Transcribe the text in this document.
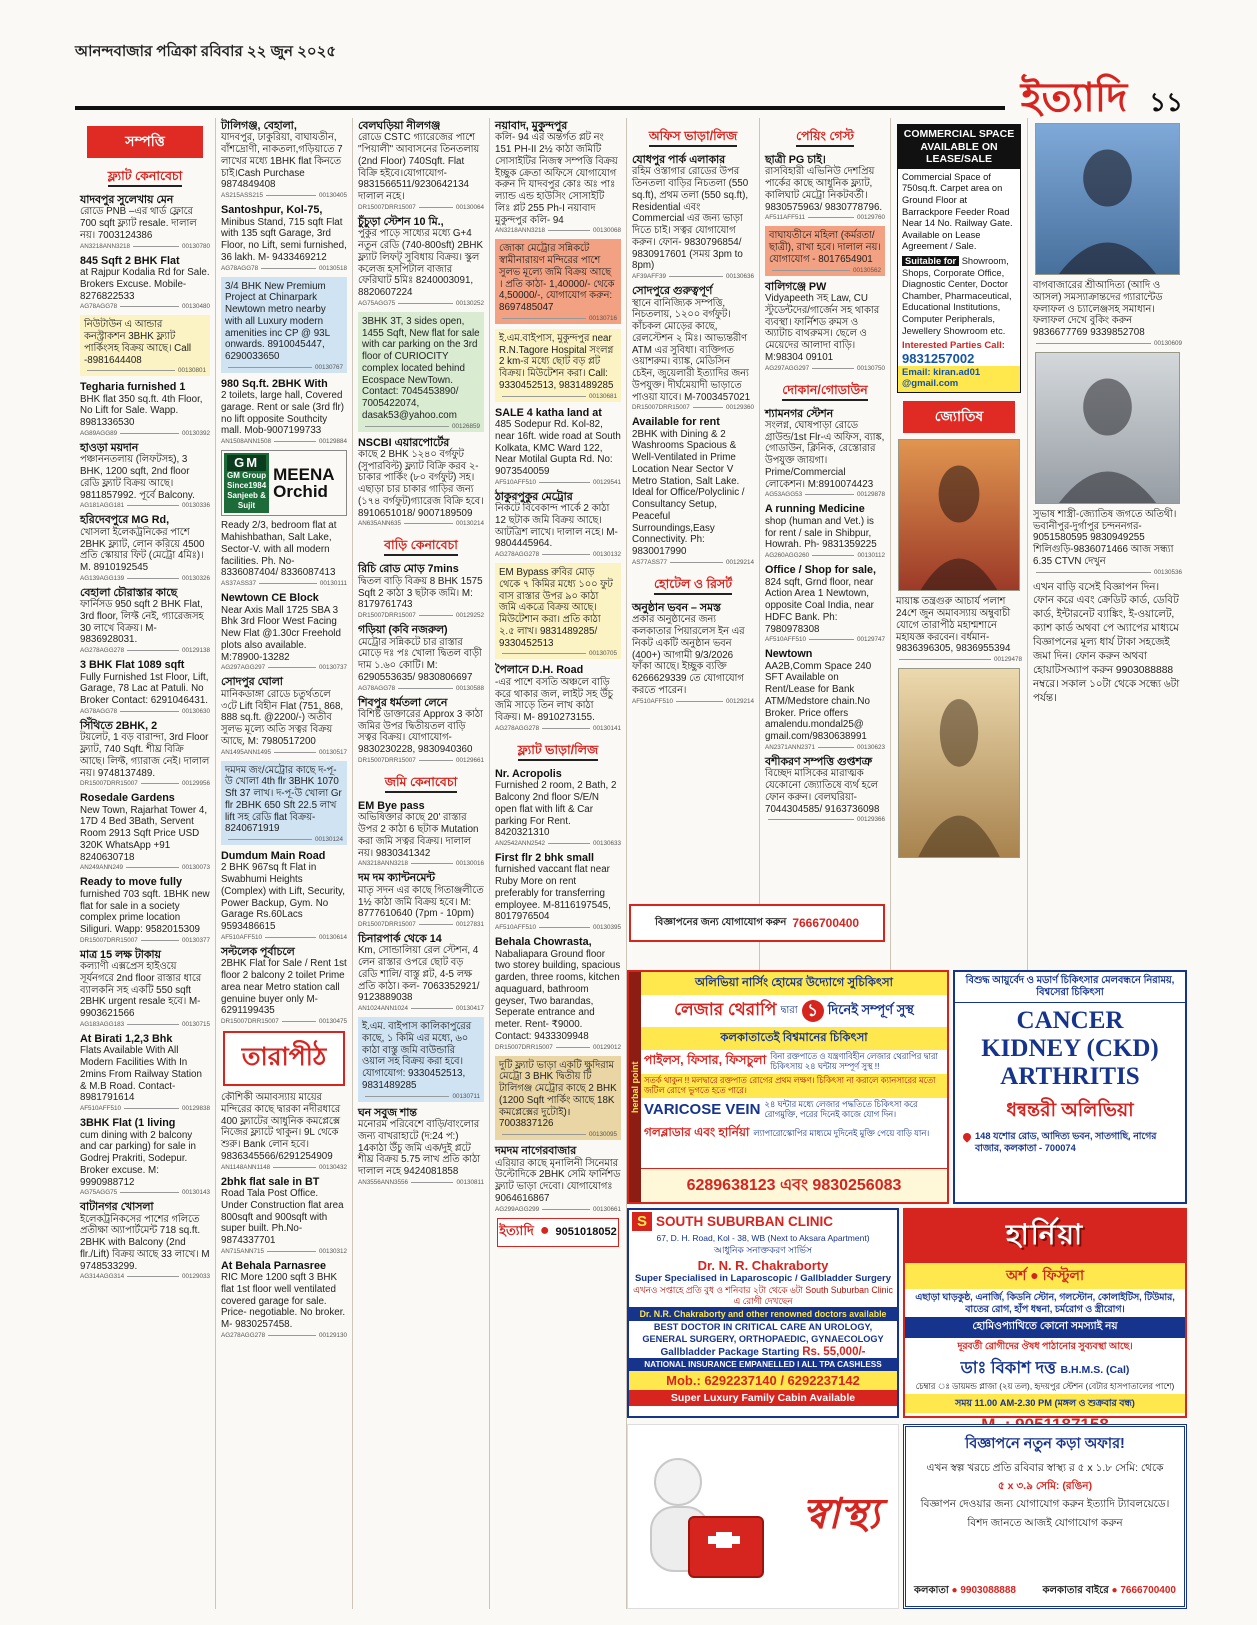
আনন্দবাজার পত্রিকা রবিবার ২২ জুন ২০২৫
ইত্যাদি ১১
সম্পত্তি
ফ্ল্যাট কেনাবেচা
যাদবপুর সুলেখায় মেন
রোডে PNB –এর থার্ড ফ্লোরে 700 sqft ফ্ল্যাট resale. দালাল নয়। 7003124386
AN3218ANN3218	00130780
845 Sqft 2 BHK Flat
at Rajpur Kodalia Rd for Sale. Brokers Excuse. Mobile-8276822533
AG78AGG78	00130480
নিউটাউন এ আন্ডার কনস্ট্রাকশন 3BHK ফ্ল্যাট পার্কিংসহ বিক্রয় আছে। Call -8981644408
00130801
Tegharia furnished 1
BHK flat 350 sq.ft. 4th Floor, No Lift for Sale. Wapp. 8981336530
AG89AGG89	00130392
হাওড়া ময়দান
পঞ্চাননতলায় (লিফটসহ), 3 BHK, 1200 sqft, 2nd floor রেডি ফ্ল্যাট বিক্রয় আছে। 9811857992. পূর্বে Balcony.
AG181AGG181	00130336
হরিদেবপুরে MG Rd,
খোসলা ইলেকট্রনিকের পাশে 2BHK ফ্ল্যাট, লোন করিয়ে 4500 প্রতি স্কোয়ার ফিট (মেট্রো 4মিঃ)। M. 8910192545
AG139AGG139	00130326
বেহালা চৌরাস্তার কাছে
ফার্নিসড 950 sqft 2 BHK Flat, 3rd floor, লিফ্ট নেই, গ্যারেজসহ 30 লাখে বিক্রয়। M- 9836928031.
AG278AGG278	00129138
3 BHK Flat 1089 sqft
Fully Furnished 1st Floor, Lift, Garage, 78 Lac at Patuli. No Broker Contact: 6291046431.
AG78AGG78	00130630
সিঁথিতে 2BHK, 2
টয়লেট, 1 বড় বারান্দা, 3rd Floor ফ্ল্যাট, 740 Sqft. শীঘ্র বিক্রি আছে। লিফ্ট, গ্যারাজ নেই। দালাল নয়। 9748137489.
DR15007DRR15007	00129956
Rosedale Gardens
New Town, Rajarhat Tower 4, 17D 4 Bed 3Bath, Servent Room 2913 Sqft Price USD 320K WhatsApp +91 8240630718
AN249ANN249	00130073
Ready to move fully
furnished 703 sqft. 1BHK new flat for sale in a society complex prime location Siliguri. Wapp: 9582015309
DR15007DRR15007	00130377
মাত্র 15 লক্ষ টাকায়
কল্যাণী এক্সপ্রেস হাইওয়ে সূর্যনগরে 2nd floor রাস্তার ধারে ব্যালকনি সহ একটি 550 sqft 2BHK urgent resale হবে। M-9903621566
AG183AGG183	00130715
At Birati 1,2,3 Bhk
Flats Available With All Modern Facilities With In 2mins From Railway Station & M.B Road. Contact-8981791614
AF510AFF510	00129838
3BHK Flat (1 living
cum dining with 2 balcony and car parking) for sale in Godrej Prakriti, Sodepur. Broker excuse. M: 9990988712
AG75AGG75	00130143
বাটানগর খোসলা
ইলেকট্রনিকসের পাশের গলিতে প্রতীক্ষা অ্যাপার্টমেন্ট 718 sq.ft. 2BHK with Balcony (2nd flr./Lift) বিক্রয় আছে 33 লাখে। M 9748533299.
AG314AGG314	00129033
টালিগঞ্জ, বেহালা,
যাদবপুর, ঢাকুরিয়া, বাঘাযতীন, বাঁশদ্রোণী, নাকতলা,গড়িয়াতে 7 লাখের মধ্যে 1BHK flat কিনতে চাই।Cash Purchase 9874849408
AS215ASS215	00130405
Santoshpur, Kol-75,
Minibus Stand, 715 sqft Flat with 135 sqft Garage, 3rd Floor, no Lift, semi furnished, 36 lakh. M- 9433469212
AG78AGG78	00130518
3/4 BHK New Premium Project at Chinarpark Newtown metro nearby with all Luxury modern amenities inc CP @ 93L onwards. 8910045447, 6290033650
00130767
980 Sq.ft. 2BHK With
2 toilets, large hall, Covered garage. Rent or sale (3rd flr) no lift opposite Southcity mall. Mob-9007199733
AN1508ANN1508	00129884
GM
GM Group
Since1984
Sanjeeb & Sujit
MEENA Orchid
Ready 2/3, bedroom flat at Mahishbathan, Salt Lake, Sector-V. with all modern facilities. Ph. No- 8336087404/ 8336087413
AS37ASS37	00130111
Newtown CE Block
Near Axis Mall 1725 SBA 3 Bhk 3rd Floor West Facing New Flat @1.30cr Freehold plots also available. M:78900-13282
AG297AGG297	00130737
সোদপুর ঘোলা
মানিকডাঙ্গা রোডে চতুর্থতলে ৩টে Lift বিহীন Flat (751, 868, 888 sq.ft. @2200/-) অতীব সুলভ মূল্যে অতি সত্বর বিক্রয় আছে, M: 7980517200
AN1495ANN1495	00130517
দমদম জং/মেট্রোর কাছে দ-পূ-উ খোলা 4th flr 3BHK 1070 Sft 37 লাখ। দ-পূ-উ খোলা Gr flr 2BHK 650 Sft 22.5 লাখ lift সহ রেডি flat বিক্রয়- 8240671919
00130124
Dumdum Main Road
2 BHK 967sq ft Flat in Swabhumi Heights (Complex) with Lift, Security, Power Backup, Gym. No Garage Rs.60Lacs 9593486615
AF510AFF510	00130614
সল্টলেক পূর্বাচলে
2BHK Flat for Sale / Rent 1st floor 2 balcony 2 toilet Prime area near Metro station call genuine buyer only M-6291199435
DR15007DRR15007	00130475
তারাপীঠ
কৌশিকী অমাবস্যায় মায়ের মন্দিরের কাছে দ্বারকা নদীরধারে 400 ফ্ল্যাটের আধুনিক কমপ্লেক্সে নিজের ফ্ল্যাটে থাকুন। 9L থেকে শুরু। Bank লোন হবে। 9836345566/6291254909
AN1148ANN1148	00130432
2bhk flat sale in BT
Road Tala Post Office. Under Construction flat area 800sqft and 900sqft with super built. Ph.No- 9874337701
AN715ANN715	00130312
At Behala Parnasree
RIC More 1200 sqft 3 BHK flat 1st floor well ventilated covered garage for sale. Price- negotiable. No broker. M- 9830257458.
AG278AGG278	00129130
বেলঘড়িয়া নীলগঞ্জ
রোডে CSTC গ্যারেজের পাশে "পিয়ালী" আবাসনের তিনতলায় (2nd Floor) 740Sqft. Flat বিক্রি হইবে।যোগাযোগ- 9831566511/9230642134 দালাল নহে।
DR15007DRR15007	00130064
চুঁচুড়া স্টেশন 10 মি.,
পুকুর পাড়ে সাধ্যের মধ্যে G+4 নতুন রেডি (740-800sft) 2BHK ফ্ল্যাট লিফট্ সুবিধায় বিক্রয়। স্কুল কলেজ হসপিটাল বাজার ফেরিঘাট 5মিঃ 8240003091, 8820607224
AG75AGG75	00130252
3BHK 3T, 3 sides open, 1455 Sqft, New flat for sale with car parking on the 3rd floor of CURIOCITY complex located behind Ecospace NewTown. Contact: 7045453890/ 7005422074, dasak53@yahoo.com
00126859
NSCBI এয়ারপোর্টের
কাছে 2 BHK ১২৪০ বর্গফুট (সুপারবিল্ট) ফ্ল্যাট বিক্রি করব ২-চাকার পার্কিং (৮০ বর্গফুট) সহ। এছাড়া চার চাকার গাড়ির জন্য (১৭৪ বর্গফুট)গ্যারেজ বিক্রি হবে। 8910651018/ 9007189509
AN635ANN635	00130214
বাড়ি কেনাবেচা
রিচি রোড মোড় 7mins
দ্বিতল বাড়ি বিক্রয় 8 BHK 1575 Sqft 2 কাঠা 3 ছটাক জমি। M: 8179761743
DR15007DRR15007	00129252
গড়িয়া (কবি নজরুল)
মেট্রোর সন্নিকটে চার রাস্তার মোড়ে দঃ পঃ খোলা দ্বিতল বাড়ী দাম ১.৬০ কোটি। M: 6290553635/ 9830806697
AG78AGG78	00130588
শিবপুর ধর্মতলা লেনে
বিশিষ্ট ডাক্তারের Approx 3 কাঠা জমির উপর দ্বিতীয়তল বাড়ি সত্বর বিক্রয়। যোগাযোগ- 9830230228, 9830940360
DR15007DRR15007	00129661
জমি কেনাবেচা
EM Bye pass
অভিষিক্তার কাছে 20' রাস্তার উপর 2 কাঠা 6 ছটাক Mutation করা জমি সত্বর বিক্রয়। দালাল নয়। 9830341342
AN3218ANN3218	00130016
দম দম ক্যান্টনমেন্ট
মাতৃ সদন এর কাছে গিতাঞ্জলীতে 1½ কাঠা জমি বিক্রয় হবে। M: 8777610640 (7pm - 10pm)
DR15007DRR15007	00127831
চিনারপার্ক থেকে 14
Km, সোন্ডালিয়া রেল স্টেশন, 4 লেন রাস্তার ওপরে ছোট বড় রেডি শালি/ বাস্তু প্লট, 4-5 লক্ষ প্রতি কাঠা। কল- 7063352921/ 9123889038
AN1024ANN1024	00130417
ই.এম. বাইপাস কালিকাপুরের কাছে, ১ কিমি এর মধ্যে, ৬০ কাঠা বাস্তু জমি বাউন্ডারি ওয়াল সহ বিক্রয় করা হবে। যোগাযোগ: 9330452513, 9831489285
00130711
ঘন সবুজ শান্ত
মনোরম পরিবেশে বাড়ি/বাংলোর জন্য বাখরাহাটে (দ:24 প:) 14কাঠা উঁচু জমি এক/দুই প্লটে শীঘ্র বিক্রয় 5.75 লাখ প্রতি কাঠা দালাল নহে 9424081858
AN3556ANN3556	00130811
নয়াবাদ, মুকুন্দপুর
কলি- 94 এর অন্তর্গত প্লট নং 151 PH-II 2½ কাঠা জমিটি সোসাইটির নিজস্ব সম্পত্তি বিক্রয় ইচ্ছুক ক্রেতা অফিসে যোগাযোগ করুন দি যাদবপুর কোঃ অঃ পাঃ ল্যান্ড এন্ড হাউসিং সোসাইটি লিঃ প্লট 255 Ph-I নয়াবাদ মুকুন্দপুর কলি- 94
AN3218ANN3218	00130068
জোকা মেট্রোর সন্নিকটে স্বামীনারায়ণ মন্দিরের পাশে সুলভ মূল্যে জমি বিক্রয় আছে । প্রতি কাঠা- 1,40000/- থেকে 4,50000/-, যোগাযোগ করুন: 8697485047
00130716
ই.এম.বাইপাস, মুকুন্দপুর near R.N.Tagore Hospital সংলগ্ন 2 km-র মধ্যে ছোট বড় প্লট বিক্রয়। মিউটেশন করা। Call: 9330452513, 9831489285
00130681
SALE 4 katha land at
485 Sodepur Rd. Kol-82, near 16ft. wide road at South Kolkata, KMC Ward 122, Near Motilal Gupta Rd. No: 9073540059
AF510AFF510	00129541
ঠাকুরপুকুর মেট্রোর
নিকটে বিবেকান্দ পার্কে 2 কাঠা 12 ছটাক জমি বিক্রয় আছে। আটত্রিশ লাখে। দালাল নহে। M- 9804445964.
AG278AGG278	00130132
EM Bypass রুবির মোড় থেকে ৭ কিমির মধ্যে ১০০ ফুট বাস রাস্তার উপর ৯০ কাঠা জমি একত্রে বিক্রয় আছে। মিউটেশান করা। প্রতি কাঠা ২.৫ লাখ। 9831489285/ 9330452513
00130705
পৈলানে D.H. Road
-এর পাশে বসতি অঞ্চলে বাড়ি করে থাকার জল, লাইট সহ উঁচু জমি সাড়ে তিন লাখ কাঠা বিক্রয়। M- 8910273155.
AG278AGG278	00130141
ফ্ল্যাট ভাড়া/লিজ
Nr. Acropolis
Furnished 2 room, 2 Bath, 2 Balcony 2nd floor S/E/N open flat with lift & Car parking For Rent. 8420321310
AN2542ANN2542	00130633
First flr 2 bhk small
furnished vaccant flat near Ruby More on rent preferably for transferring employee. M-8116197545, 8017976504
AF510AFF510	00130395
Behala Chowrasta,
Nabaliapara Ground floor two storey building, spacious garden, three rooms, kitchen aquaguard, bathroom geyser, Two barandas, Seperate entrance and meter. Rent- ₹9000. Contact: 9433309948
DR15007DRR15007	00129012
দুটি ফ্ল্যাট ভাড়া একটি ক্ষুদিরাম মেট্রো 3 BHK দ্বিতীয় টি টালিগঞ্জ মেট্রোর কাছে 2 BHK (1200 Sqft পার্কিং আছে 18K কমপ্লেক্সের দুটোই)। 7003837126
00130095
দমদম নাগেরবাজার
এরিয়ার কাছে মৃনালিনী সিনেমার উল্টোদিকে 2BHK সেমি ফার্নিশড ফ্ল্যাট ভাড়া দেবো। যোগাযোগঃ 9064616867
AG299AGG299	00130661
ইত্যাদি ● 9051018052
অফিস ভাড়া/লিজ
যোধপুর পার্ক এলাকার
রহিম ওস্তাগার রোডের উপর তিনতলা বাড়ির নিচতলা (550 sq.ft), প্রথম তলা (550 sq.ft), Residential এবং Commercial এর জন্য ভাড়া দিতে চাই। সত্বর যোগাযোগ করুন। ফোন- 9830796854/ 9830917601 (সময় 3pm to 8pm)
AF39AFF39	00130636
সোদপুরে গুরুত্বপূর্ণ
স্থানে বানিজ্যিক সম্পত্তি, নিচতলায়, ১২০০ বর্গফুট। কাঁচকল মোড়ের কাছে, রেলস্টেশন ২ মিঃ। আভ্যন্তরীণ ATM এর সুবিধা। ব্যক্তিগত ওয়াশরুম। ব্যাঙ্ক, মেডিসিন চেইন, জুয়েলারী ইত্যাদির জন্য উপযুক্ত। দীর্ঘমেয়াদী ভাড়াতে পাওয়া যাবে। M-7003457021
DR15007DRR15007	00129360
Available for rent
2BHK with Dining & 2 Washrooms Spacious & Well-Ventilated in Prime Location Near Sector V Metro Station, Salt Lake. Ideal for Office/Polyclinic / Consultancy Setup, Peaceful Surroundings,Easy Connectivity. Ph: 9830017990
AS77ASS77	00129214
হোটেল ও রিসর্ট
অনুষ্ঠান ভবন – সমস্ত
প্রকার অনুষ্ঠানের জন্য কলকাতার পিয়ারলেস ইন এর নিকট একটি অনুষ্ঠান ভবন (400+) আগামী 9/3/2026 ফাঁকা আছে। ইচ্ছুক ব্যক্তি 6266629339 তে যোগাযোগ করতে পারেন।
AF510AFF510	00129214
পেয়িং গেস্ট
ছাত্রী PG চাই।
রাসবিহারী এভিনিউ দেশপ্রিয় পার্কের কাছে আধুনিক ফ্ল্যাট, কালিঘাট মেট্রো নিকটবর্তী। 9830575963/ 9830778796.
AF511AFF511	00129760
বাঘাযতীনে মহিলা (কর্মরতা/ছাত্রী), রাখা হবে। দালাল নয়।যোগাযোগ - 8017654901
00130562
বালিগঞ্জে PW
Vidyapeeth সহ Law, CU স্টুডেন্টদের/গার্জেন সহ থাকার ব্যবস্থা। ফার্নিশড রুমস ও অ্যাটাচ বাথরুমস। ছেলে ও মেয়েদের আলাদা বাড়ি। M:98304 09101
AG297AGG297	00130750
দোকান/গোডাউন
শ্যামনগর স্টেশন
সংলগ্ন, ঘোষপাড়া রোডে গ্রাউন্ড/1st Flr-এ অফিস, ব্যাঙ্ক, গোডাউন, ক্লিনিক, রেস্তোরার উপযুক্ত জায়গা। Prime/Commercial লোকেশন। M:8910074423
AG53AGG53	00129878
A running Medicine
shop (human and Vet.) is for rent / sale in Shibpur, Howrah. Ph- 9831359225
AG260AGG260	00130112
Office / Shop for sale,
824 sqft, Grnd floor, near Action Area 1 Newtown, opposite Coal India, near HDFC Bank. Ph: 7980978308
AF510AFF510	00129747
Newtown
AA2B,Comm Space 240 SFT Available on Rent/Lease for Bank ATM/Medstore chain.No Broker. Price offers amalendu.mondal25@ gmail.com/9830638991
AN2371ANN2371	00130623
বশীকরণ সম্পত্তি গুপ্তশত্রু
বিচ্ছেদ মাসিকের মারাত্মক যেকোনো জ্যোতিষে ব্যর্থ হলে ফোন করুন। বেলঘরিয়া- 7044304585/ 9163736098
00129366
COMMERCIAL SPACE
AVAILABLE ON LEASE/SALE
Commercial Space of 750sq.ft. Carpet area on Ground Floor at Barrackpore Feeder Road Near 14 No. Railway Gate. Available on Lease Agreement / Sale.
Suitable for Showroom, Shops, Corporate Office, Diagnostic Center, Doctor Chamber, Pharmaceutical, Educational Institutions, Computer Peripherals, Jewellery Showroom etc.
Interested Parties Call:
9831257002
Email: kiran.ad01 @gmail.com
জ্যোতিষ
মায়াঙ্ক তন্ত্রগুরু আচার্য পলাশ 24শে জুন অমাবস্যায় অম্বুবাচী যোগে তারাপীঠ মহাশ্মশানে মহাযজ্ঞ করবেন। বর্ধমান- 9836396305, 9836955394
00129478
বাগবাজারের শ্রীআদিত্য (আদি ও আসল) সমস্যাক্রান্তদের গ্যারান্টেড ফলাফল ও চ্যালেঞ্জসহ সমাধান। ফলাফল দেখে বুকিং করুন 9836677769 9339852708
00130609
সুভাষ শাস্ত্রী-জ্যোতিষ জগতে অতিথী। ভবানীপুর-দুর্গাপুর চন্দননগর- 9051580595 9830949255 শিলিগুড়ি-9836071466 আজ সন্ধ্যা 6.35 CTVN দেখুন
00130536
এখন বাড়ি বসেই বিজ্ঞাপন দিন। ফোন করে এবং ক্রেডিট কার্ড, ডেবিট কার্ড, ইন্টারনেট ব্যাঙ্কিং, ই-ওয়ালেট, ক্যাশ কার্ড অথবা পে অ্যাপের মাধ্যমে বিজ্ঞাপনের মূল্য ধার্য টাকা সহজেই জমা দিন। ফোন করুন অথবা হোয়াটসঅ্যাপ করুন 9903088888 নম্বরে। সকাল ১০টা থেকে সন্ধ্যে ৬টা পর্যন্ত।
বিজ্ঞাপনের জন্য যোগাযোগ করুন 7666700400
herbal point
অলিভিয়া নার্সিং হোমের উদ্যোগে সুচিকিৎসা
লেজার থেরাপি দ্বারা ১ দিনেই সম্পূর্ণ সুস্থ
কলকাতাতেই বিশ্বমানের চিকিৎসা
পাইলস, ফিসার, ফিসচুলা বিনা রক্তপাতে ও যন্ত্রণাবিহীন লেজার থেরাপির দ্বারা চিকিৎসায় ২৪ ঘন্টায় সম্পূর্ণ সুস্থ !!
সতর্ক থাকুন !! মলদ্বারে রক্তপাত রোগের প্রথম লক্ষণ। চিকিৎসা না করালে ক্যানসারের মতো জটিল রোগে ভুগতে হতে পারে।
VARICOSE VEIN ২৪ ঘন্টার মধ্যে লেজার পদ্ধতিতে চিকিৎসা করে রোগমুক্তি, পরের দিনেই কাজে যোগ দিন।
গলব্লাডার এবং হার্নিয়া ল্যাপারোস্কোপির মাধ্যমে দুদিনেই মুক্তি পেয়ে বাড়ি যান।
6289638123 এবং 9830256083
বিশুদ্ধ আয়ুর্বেদ ও মডার্ণ চিকিৎসার মেলবন্ধনে নিরাময়, বিশ্বসেরা চিকিৎসা
CANCER
KIDNEY (CKD)
ARTHRITIS
ধন্বন্তরী অলিভিয়া
148 যশোর রোড, আদিত্য ভবন, সাতগাছি, নাগের বাজার, কলকাতা - 700074
S SOUTH SUBURBAN CLINIC
67, D. H. Road, Kol - 38, WB (Next to Aksara Apartment)
আধুনিক সনাক্তকরণ সার্ভিস
Dr. N. R. Chakraborty
Super Specialised in Laparoscopic / Gallbladder Surgery
এখনও সপ্তাহে প্রতি বুধ ও শনিবার ২টা থেকে ৬টা South Suburban Clinic এ রোগী দেখছেন
Dr. N.R. Chakraborty and other renowned doctors available
BEST DOCTOR IN CRITICAL CARE AN UROLOGY, GENERAL SURGERY, ORTHOPAEDIC, GYNAECOLOGY
Gallbladder Package Starting Rs. 55,000/-
NATIONAL INSURANCE EMPANELLED I ALL TPA CASHLESS
Mob.: 6292237140 / 6292237142
Super Luxury Family Cabin Available
হার্নিয়া
অর্শ ● ফিস্টুলা
এছাড়া ঘাড়কুষ্ঠ, এনার্জি, কিডনি স্টোন, গলস্টোন, কোলাইটিস, টিউমার, বাতের রোগ, হাঁপ ধম্বনা, চর্মরোগ ও স্ত্রীরোগ।
হোমিওপ্যাথিতে কোনো সমস্যাই নয়
দূরবর্তী রোগীদের ঔষধ পাঠানোর সুব্যবস্থা আছে।
ডাঃ বিকাশ দত্ত B.H.M.S. (Cal)
চেম্বার ঃ ডায়মন্ড প্লাজা (২য় তল), হৃদয়পুর স্টেশন (বেটার হাসপাতালের পাশে)
সময় 11.00 AM-2.30 PM (মঙ্গল ও শুক্রবার বন্ধ)
স্বাস্থ্য
বিজ্ঞাপনে নতুন কড়া অফার!
এখন স্বল্প খরচে প্রতি রবিবার স্বাস্থ্য র ৫ x ১.৮ সেমি: থেকে
৫ x ৩.৯ সেমি: (রঙিন)
বিজ্ঞাপন দেওয়ার জন্য যোগাযোগ করুন ইত্যাদি ট্যাবলয়েডে।
বিশদ জানতে আজই যোগাযোগ করুন
কলকাতা ● 9903088888	কলকাতার বাইরে ● 7666700400
